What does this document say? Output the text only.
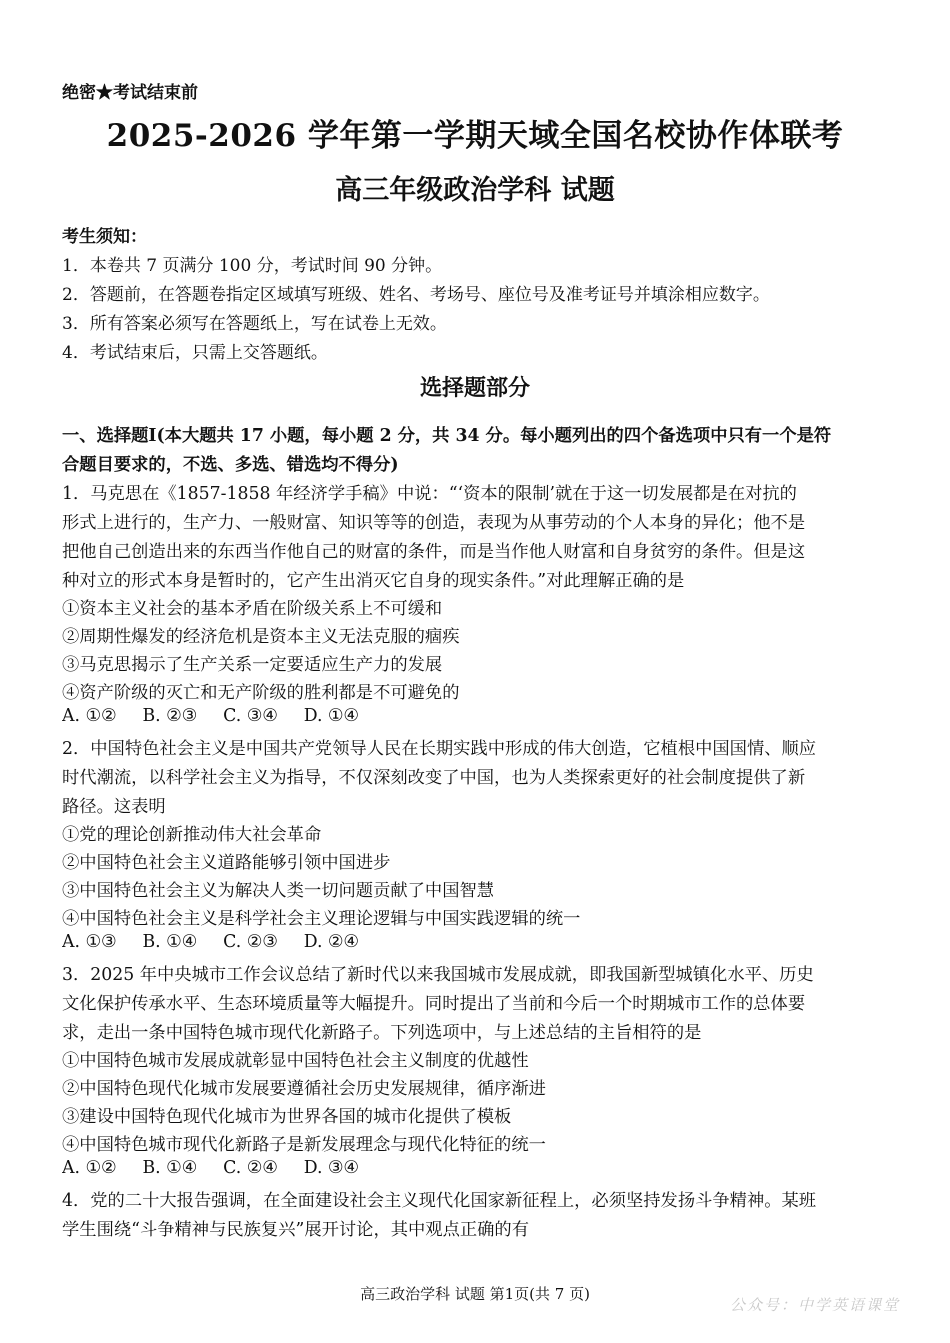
绝密★考试结束前
2025-2026 学年第一学期天域全国名校协作体联考
高三年级政治学科 试题
考生须知：
1．本卷共 7 页满分 100 分，考试时间 90 分钟。
2．答题前，在答题卷指定区域填写班级、姓名、考场号、座位号及准考证号并填涂相应数字。
3．所有答案必须写在答题纸上，写在试卷上无效。
4．考试结束后，只需上交答题纸。
选择题部分
一、选择题Ⅰ(本大题共 17 小题，每小题 2 分，共 34 分。每小题列出的四个备选项中只有一个是符
合题目要求的，不选、多选、错选均不得分)
1．马克思在《1857-1858 年经济学手稿》中说：“‘资本的限制’就在于这一切发展都是在对抗的
形式上进行的，生产力、一般财富、知识等等的创造，表现为从事劳动的个人本身的异化；他不是
把他自己创造出来的东西当作他自己的财富的条件，而是当作他人财富和自身贫穷的条件。但是这
种对立的形式本身是暂时的，它产生出消灭它自身的现实条件。”对此理解正确的是
①资本主义社会的基本矛盾在阶级关系上不可缓和
②周期性爆发的经济危机是资本主义无法克服的痼疾
③马克思揭示了生产关系一定要适应生产力的发展
④资产阶级的灭亡和无产阶级的胜利都是不可避免的
A. ①② B. ②③ C. ③④ D. ①④
2．中国特色社会主义是中国共产党领导人民在长期实践中形成的伟大创造，它植根中国国情、顺应
时代潮流，以科学社会主义为指导，不仅深刻改变了中国，也为人类探索更好的社会制度提供了新
路径。这表明
①党的理论创新推动伟大社会革命
②中国特色社会主义道路能够引领中国进步
③中国特色社会主义为解决人类一切问题贡献了中国智慧
④中国特色社会主义是科学社会主义理论逻辑与中国实践逻辑的统一
A. ①③ B. ①④ C. ②③ D. ②④
3．2025 年中央城市工作会议总结了新时代以来我国城市发展成就，即我国新型城镇化水平、历史
文化保护传承水平、生态环境质量等大幅提升。同时提出了当前和今后一个时期城市工作的总体要
求，走出一条中国特色城市现代化新路子。下列选项中，与上述总结的主旨相符的是
①中国特色城市发展成就彰显中国特色社会主义制度的优越性
②中国特色现代化城市发展要遵循社会历史发展规律，循序渐进
③建设中国特色现代化城市为世界各国的城市化提供了模板
④中国特色城市现代化新路子是新发展理念与现代化特征的统一
A. ①② B. ①④ C. ②④ D. ③④
4．党的二十大报告强调，在全面建设社会主义现代化国家新征程上，必须坚持发扬斗争精神。某班
学生围绕“斗争精神与民族复兴”展开讨论，其中观点正确的有
高三政治学科 试题 第1页(共 7 页)
公众号：中学英语课堂
